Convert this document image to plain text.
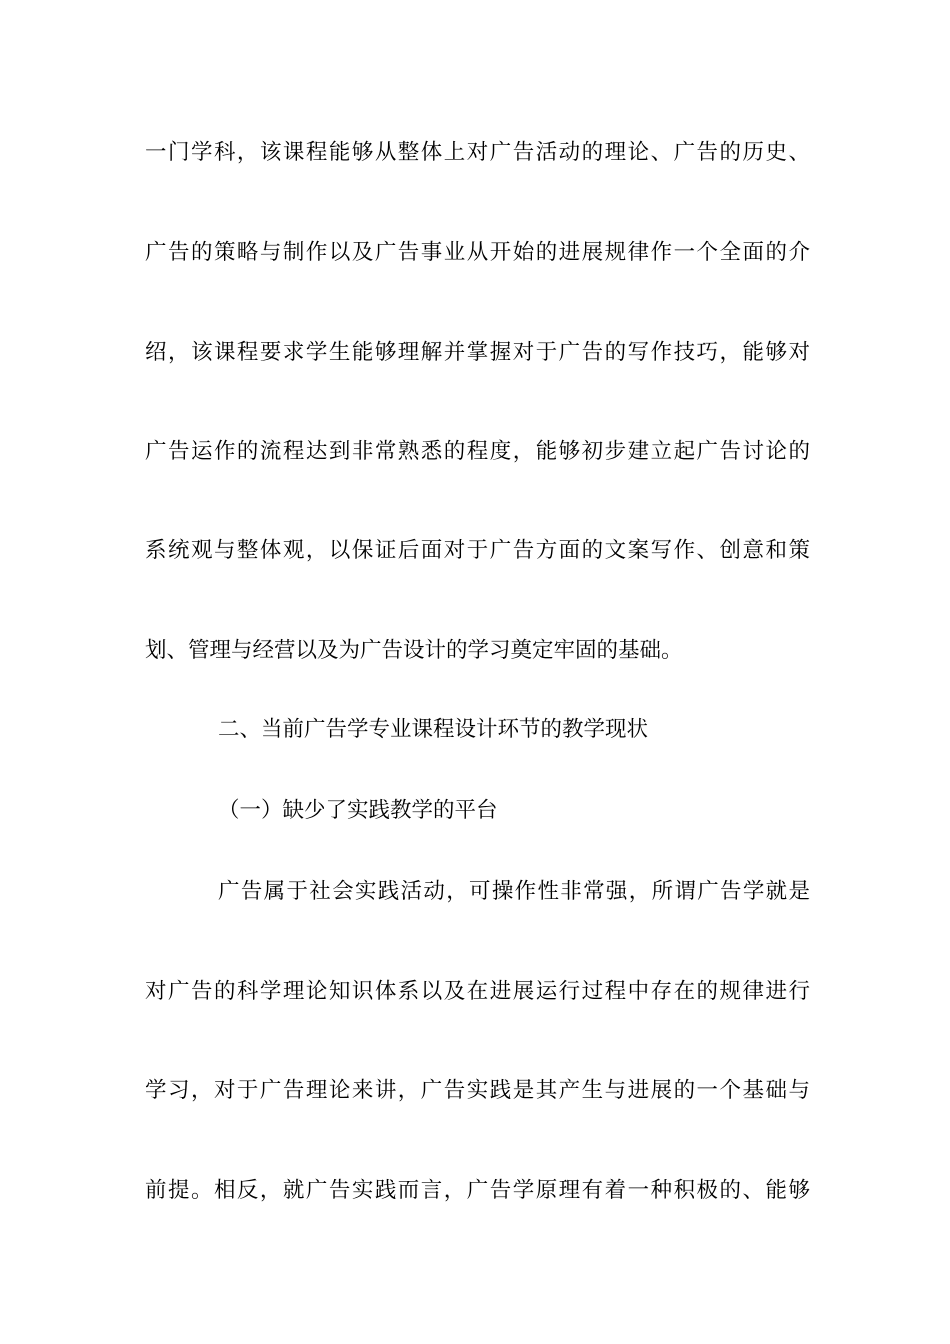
一门学科，该课程能够从整体上对广告活动的理论、广告的历史、
广告的策略与制作以及广告事业从开始的进展规律作一个全面的介
绍，该课程要求学生能够理解并掌握对于广告的写作技巧，能够对
广告运作的流程达到非常熟悉的程度，能够初步建立起广告讨论的
系统观与整体观，以保证后面对于广告方面的文案写作、创意和策
划、管理与经营以及为广告设计的学习奠定牢固的基础。
二、当前广告学专业课程设计环节的教学现状
（一）缺少了实践教学的平台
广告属于社会实践活动，可操作性非常强，所谓广告学就是
对广告的科学理论知识体系以及在进展运行过程中存在的规律进行
学习，对于广告理论来讲，广告实践是其产生与进展的一个基础与
前提。相反，就广告实践而言，广告学原理有着一种积极的、能够
